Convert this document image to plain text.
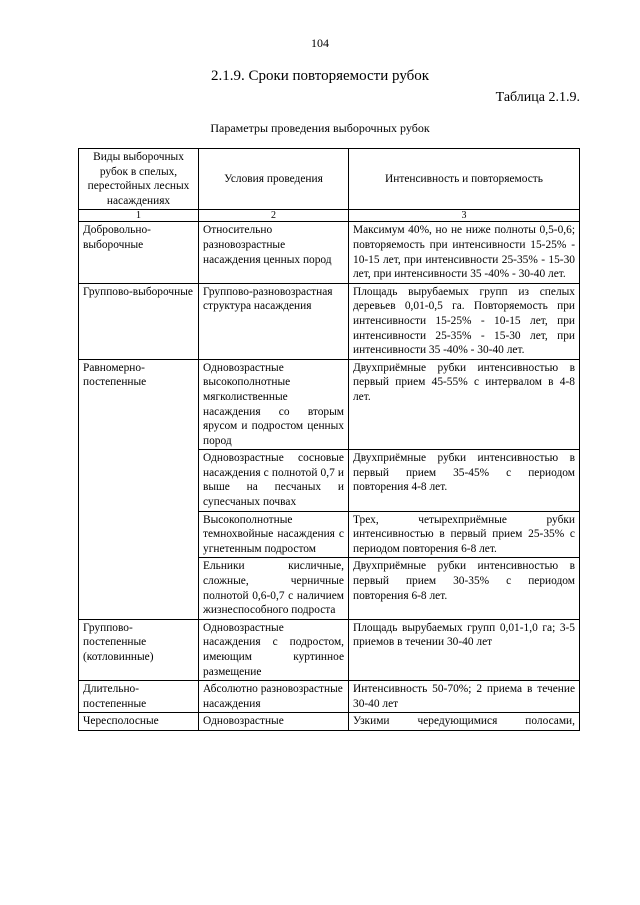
104
2.1.9. Сроки повторяемости рубок
Таблица 2.1.9.
Параметры проведения выборочных рубок
Виды выборочных рубок в спелых, перестойных лесных насаждениях	Условия проведения	Интенсивность и повторяемость
1	2	3
Добровольно-выборочные	Относительно разновозрастные насаждения ценных пород	Максимум 40%, но не ниже полноты 0,5-0,6; повторяемость при интенсивности 15-25% - 10-15 лет, при интенсивности 25-35% - 15-30 лет, при интенсивности 35 -40% - 30-40 лет.
Группово-выборочные	Группово-разновозрастная структура насаждения	Площадь вырубаемых групп из спелых деревьев 0,01-0,5 га. Повторяемость при интенсивности 15-25% - 10-15 лет, при интенсивности 25-35% - 15-30 лет, при интенсивности 35 -40% - 30-40 лет.
Равномерно-постепенные	Одновозрастные высокополнотные мягколиственные насаждения со вторым ярусом и подростом ценных пород	Двухприёмные рубки интенсивностью в первый прием 45-55% с интервалом в 4-8 лет.
	Одновозрастные сосновые насаждения с полнотой 0,7 и выше на песчаных и супесчаных почвах	Двухприёмные рубки интенсивностью в первый прием 35-45% с периодом повторения 4-8 лет.
	Высокополнотные темнохвойные насаждения с угнетенным подростом	Трех, четырехприёмные рубки интенсивностью в первый прием 25-35% с периодом повторения 6-8 лет.
	Ельники кисличные, сложные, черничные полнотой 0,6-0,7 с наличием жизнеспособного подроста	Двухприёмные рубки интенсивностью в первый прием 30-35% с периодом повторения 6-8 лет.
Группово-постепенные (котловинные)	Одновозрастные насаждения с подростом, имеющим куртинное размещение	Площадь вырубаемых групп 0,01-1,0 га; 3-5 приемов в течении 30-40 лет
Длительно-постепенные	Абсолютно разновозрастные насаждения	Интенсивность 50-70%; 2 приема в течение 30-40 лет
Чересполосные	Одновозрастные	Узкими чередующимися полосами,
